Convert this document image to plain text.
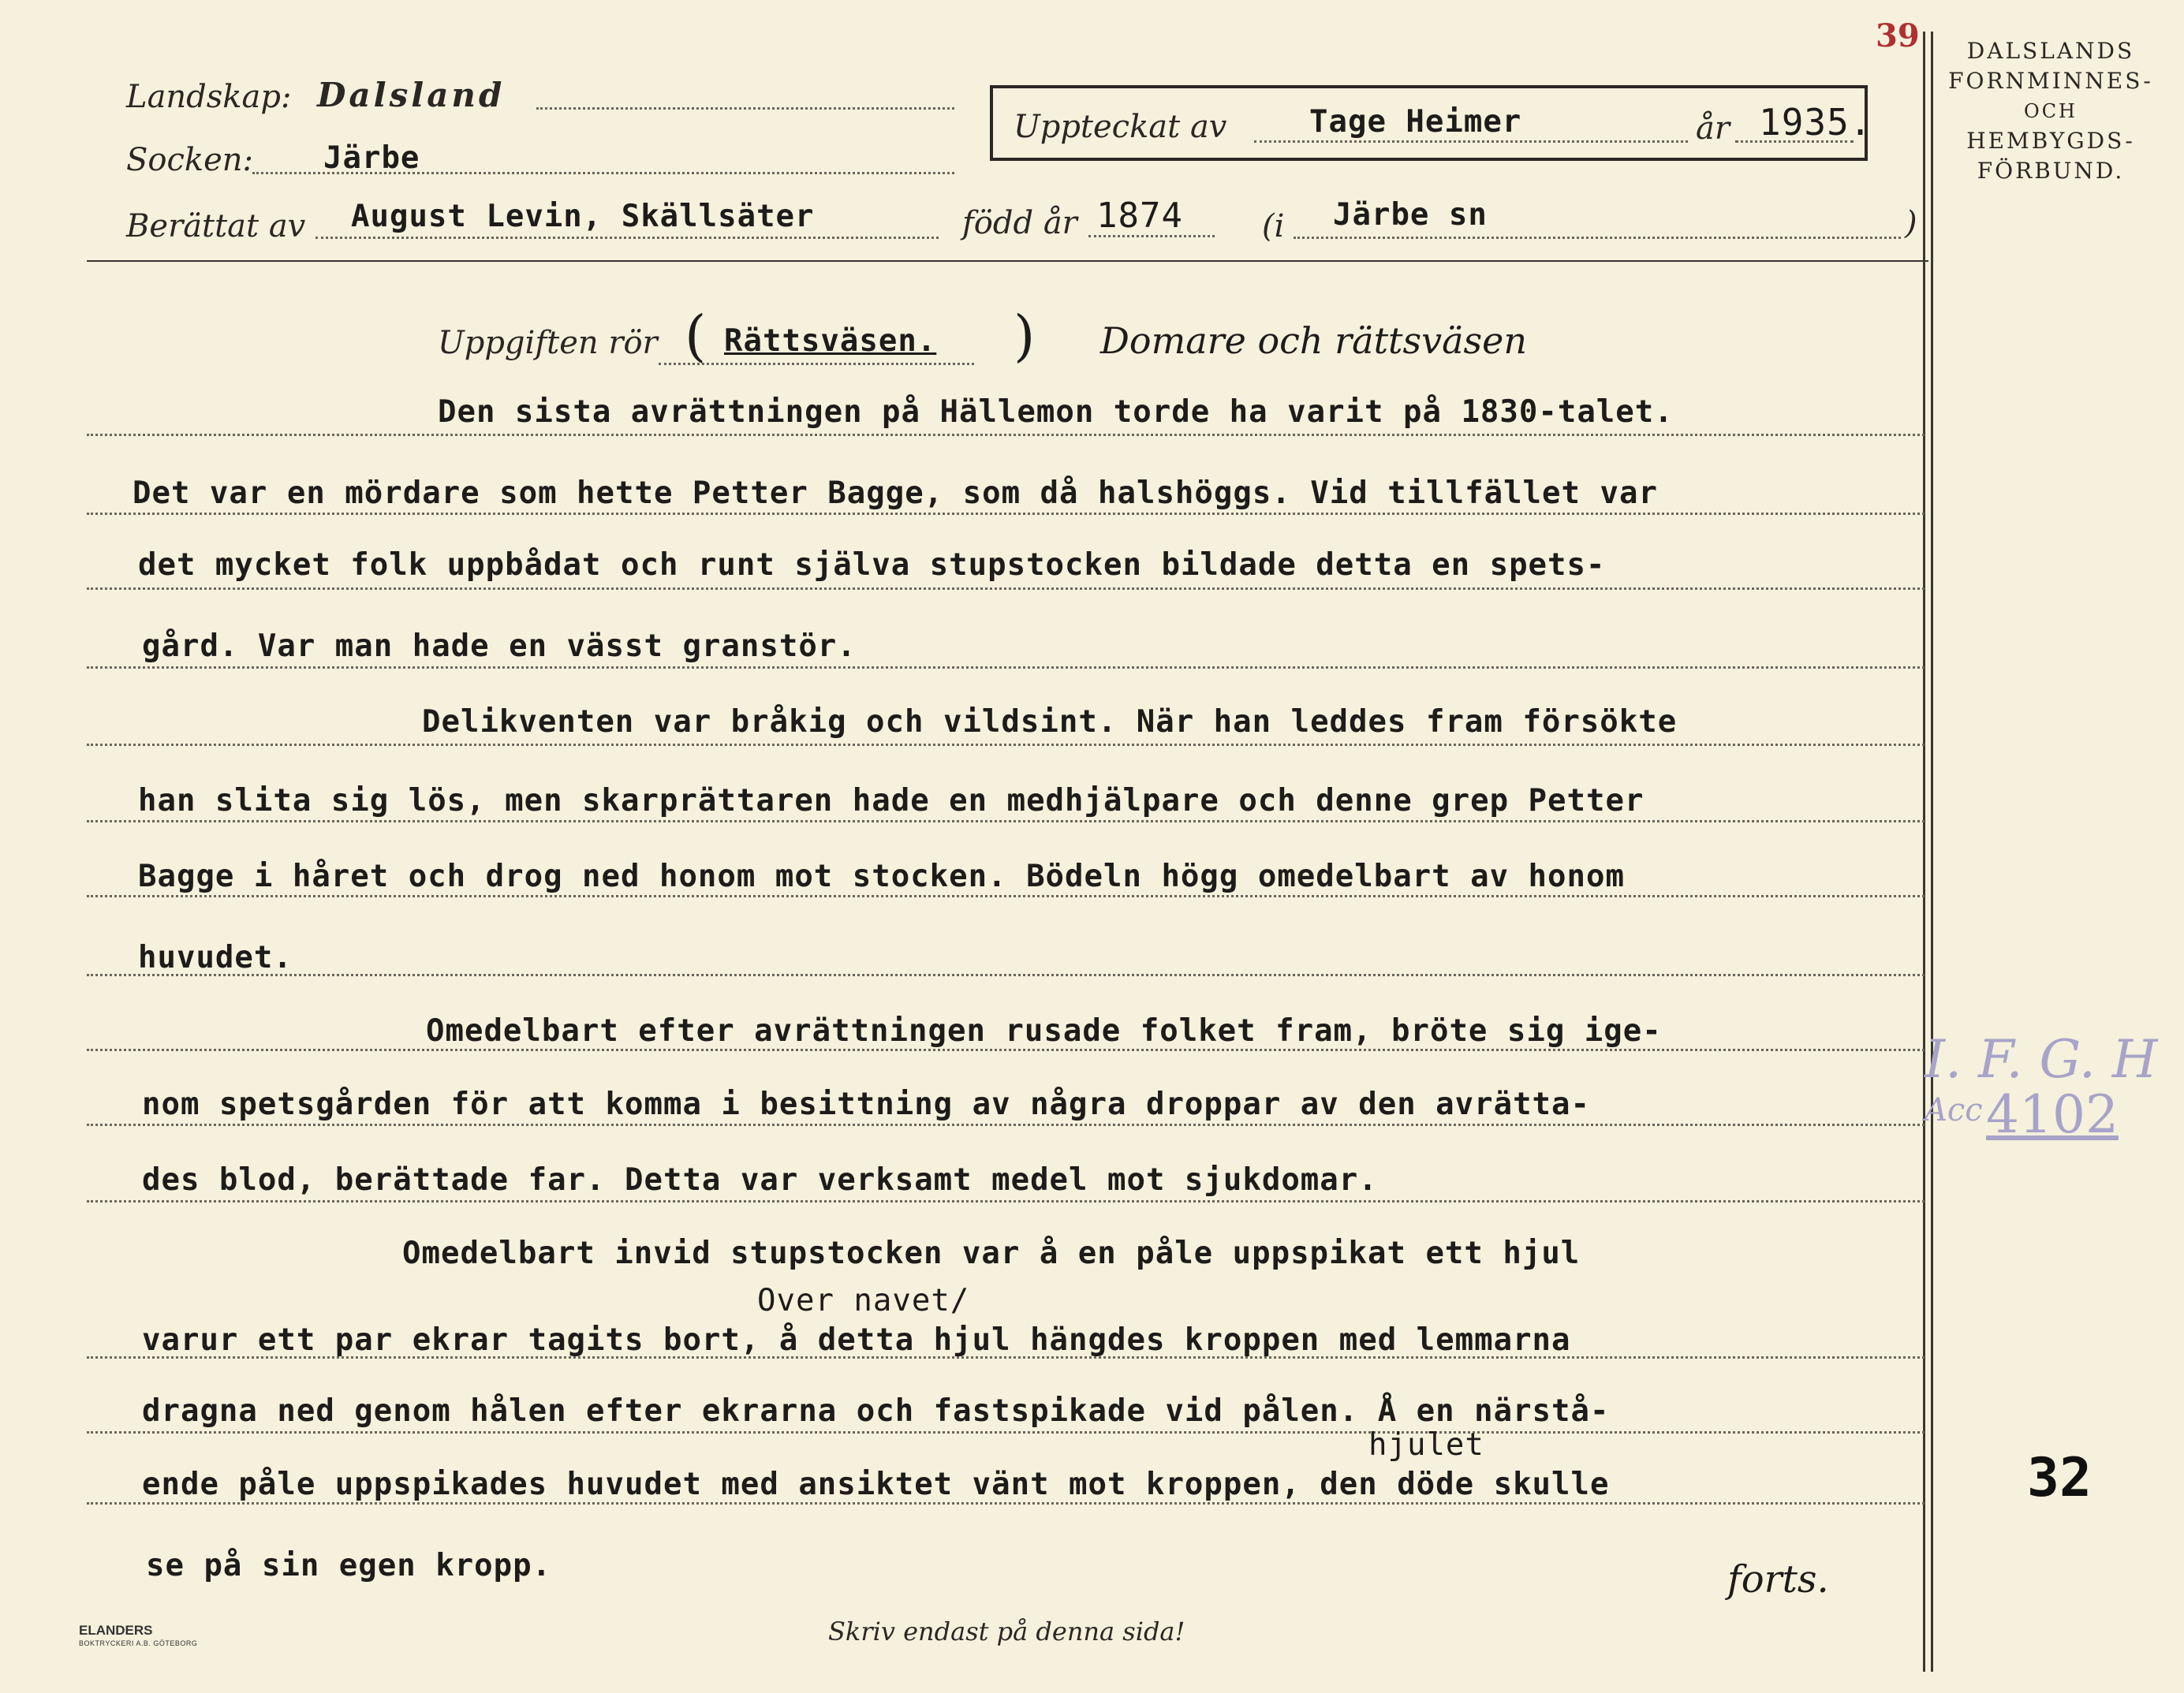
39
Landskap: Dalsland
Socken: Järbe
Berättat av August Levin, Skällsäter	född år 1874	(i Järbe sn	)
Uppteckat av	Tage Heimer	år 1935.
DALSLANDS
FORNMINNES-
OCH
HEMBYGDS-
FÖRBUND.
Uppgiften rör ( Rättsväsen. ) Domare och rättsväsen
Den sista avrättningen på Hällemon torde ha varit på 1830-talet.
Det var en mördare som hette Petter Bagge, som då halshöggs. Vid tillfället var
det mycket folk uppbådat och runt själva stupstocken bildade detta en spets-
gård. Var man hade en vässt granstör.
Delikventen var bråkig och vildsint. När han leddes fram försökte
han slita sig lös, men skarprättaren hade en medhjälpare och denne grep Petter
Bagge i håret och drog ned honom mot stocken. Bödeln högg omedelbart av honom
huvudet.
Omedelbart efter avrättningen rusade folket fram, bröte sig ige-
nom spetsgården för att komma i besittning av några droppar av den avrätta-
des blod, berättade far. Detta var verksamt medel mot sjukdomar.
Omedelbart invid stupstocken var å en påle uppspikat ett hjul
Over navet/
varur ett par ekrar tagits bort, å detta hjul hängdes kroppen med lemmarna
dragna ned genom hålen efter ekrarna och fastspikade vid pålen. Å en närstå-
hjulet
ende påle uppspikades huvudet med ansiktet vänt mot kroppen, den döde skulle
se på sin egen kropp.	forts.
I. F. G. H
Acc 4102
32
Skriv endast på denna sida!
ELANDERS
BOKTRYCKERI A.B. GÖTEBORG
